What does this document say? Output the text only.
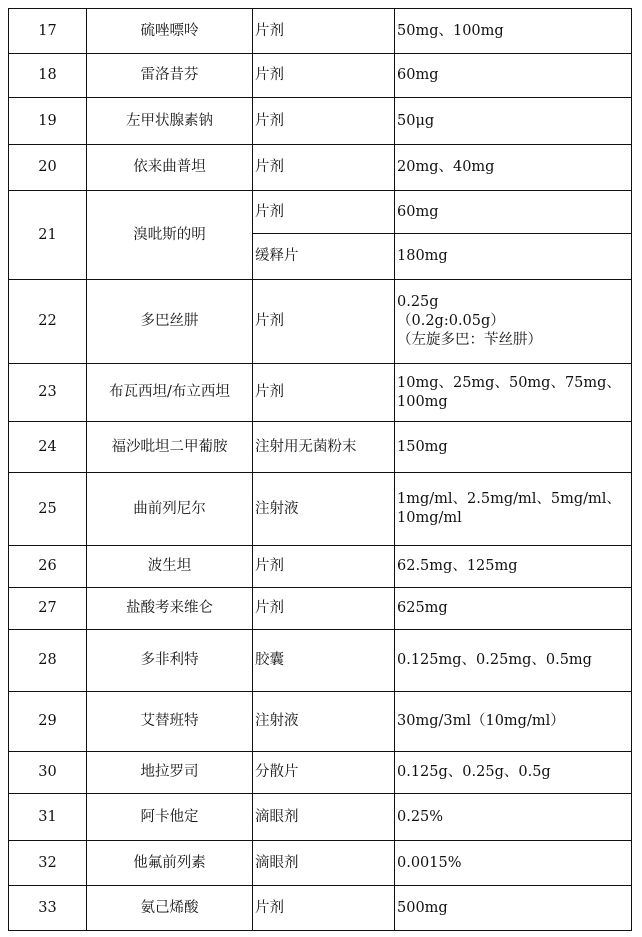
17	硫唑嘌呤	片剂	50mg、100mg

18	雷洛昔芬	片剂	60mg

19	左甲状腺素钠	片剂	50μg

20	依来曲普坦	片剂	20mg、40mg

21	溴吡斯的明	片剂	60mg

		缓释片	180mg

22	多巴丝肼	片剂	0.25g
（0.2g:0.05g）
（左旋多巴：苄丝肼）

23	布瓦西坦/布立西坦	片剂	10mg、25mg、50mg、75mg、
100mg

24	福沙吡坦二甲葡胺	注射用无菌粉末	150mg

25	曲前列尼尔	注射液	1mg/ml、2.5mg/ml、5mg/ml、
10mg/ml

26	波生坦	片剂	62.5mg、125mg

27	盐酸考来维仑	片剂	625mg

28	多非利特	胶囊	0.125mg、0.25mg、0.5mg

29	艾替班特	注射液	30mg/3ml（10mg/ml）

30	地拉罗司	分散片	0.125g、0.25g、0.5g

31	阿卡他定	滴眼剂	0.25%

32	他氟前列素	滴眼剂	0.0015%

33	氨己烯酸	片剂	500mg
